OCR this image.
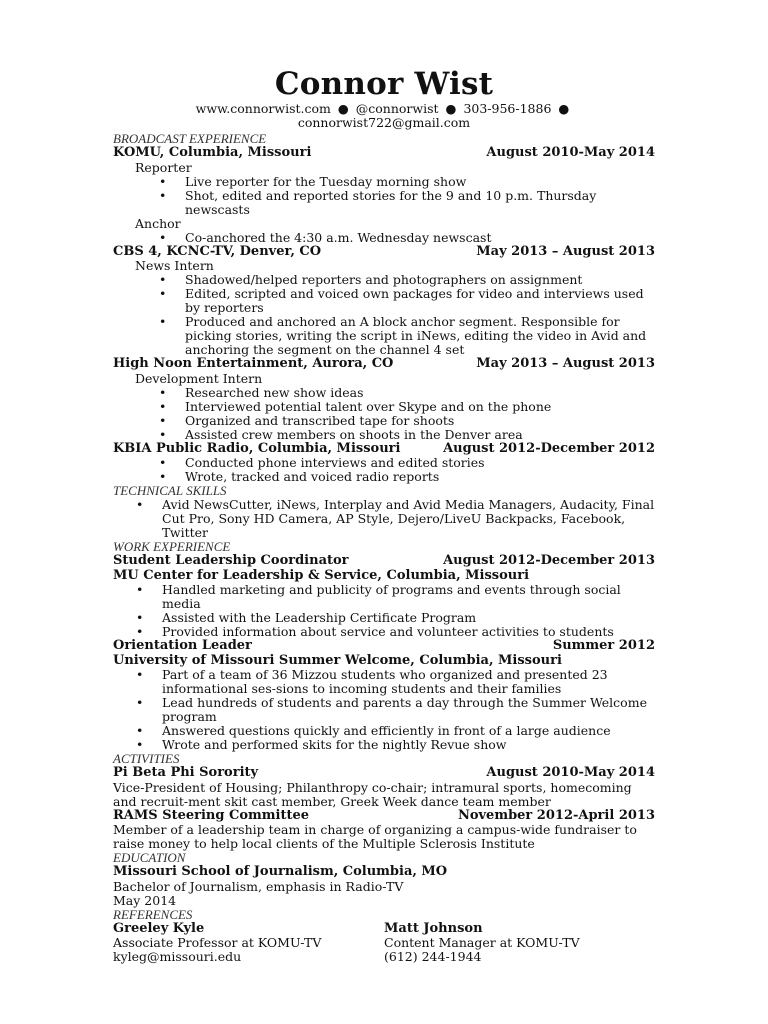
Connor Wist
www.connorwist.com ● @connorwist ● 303-956-1886 ● connorwist722@gmail.com
BROADCAST EXPERIENCE
KOMU, Columbia, Missouri	August 2010-May 2014
Reporter
• Live reporter for the Tuesday morning show
• Shot, edited and reported stories for the 9 and 10 p.m. Thursday newscasts
Anchor
• Co-anchored the 4:30 a.m. Wednesday newscast
CBS 4, KCNC-TV, Denver, CO	May 2013 – August 2013
News Intern
• Shadowed/helped reporters and photographers on assignment
• Edited, scripted and voiced own packages for video and interviews used by reporters
• Produced and anchored an A block anchor segment. Responsible for picking stories, writing the script in iNews, editing the video in Avid and anchoring the segment on the channel 4 set
High Noon Entertainment, Aurora, CO	May 2013 – August 2013
Development Intern
• Researched new show ideas
• Interviewed potential talent over Skype and on the phone
• Organized and transcribed tape for shoots
• Assisted crew members on shoots in the Denver area
KBIA Public Radio, Columbia, Missouri	August 2012-December 2012
• Conducted phone interviews and edited stories
• Wrote, tracked and voiced radio reports
TECHNICAL SKILLS
• Avid NewsCutter, iNews, Interplay and Avid Media Managers, Audacity, Final Cut Pro, Sony HD Camera, AP Style, Dejero/LiveU Backpacks, Facebook, Twitter
WORK EXPERIENCE
Student Leadership Coordinator	August 2012-December 2013
MU Center for Leadership & Service, Columbia, Missouri
• Handled marketing and publicity of programs and events through social media
• Assisted with the Leadership Certificate Program
• Provided information about service and volunteer activities to students
Orientation Leader	Summer 2012
University of Missouri Summer Welcome, Columbia, Missouri
• Part of a team of 36 Mizzou students who organized and presented 23 informational ses-sions to incoming students and their families
• Lead hundreds of students and parents a day through the Summer Welcome program
• Answered questions quickly and efficiently in front of a large audience
• Wrote and performed skits for the nightly Revue show
ACTIVITIES
Pi Beta Phi Sorority	August 2010-May 2014
Vice-President of Housing; Philanthropy co-chair; intramural sports, homecoming and recruit-ment skit cast member, Greek Week dance team member
RAMS Steering Committee	November 2012-April 2013
Member of a leadership team in charge of organizing a campus-wide fundraiser to raise money to help local clients of the Multiple Sclerosis Institute
EDUCATION
Missouri School of Journalism, Columbia, MO
Bachelor of Journalism, emphasis in Radio-TV
May 2014
REFERENCES
Greeley Kyle
Associate Professor at KOMU-TV
kyleg@missouri.edu
Matt Johnson
Content Manager at KOMU-TV
(612) 244-1944
